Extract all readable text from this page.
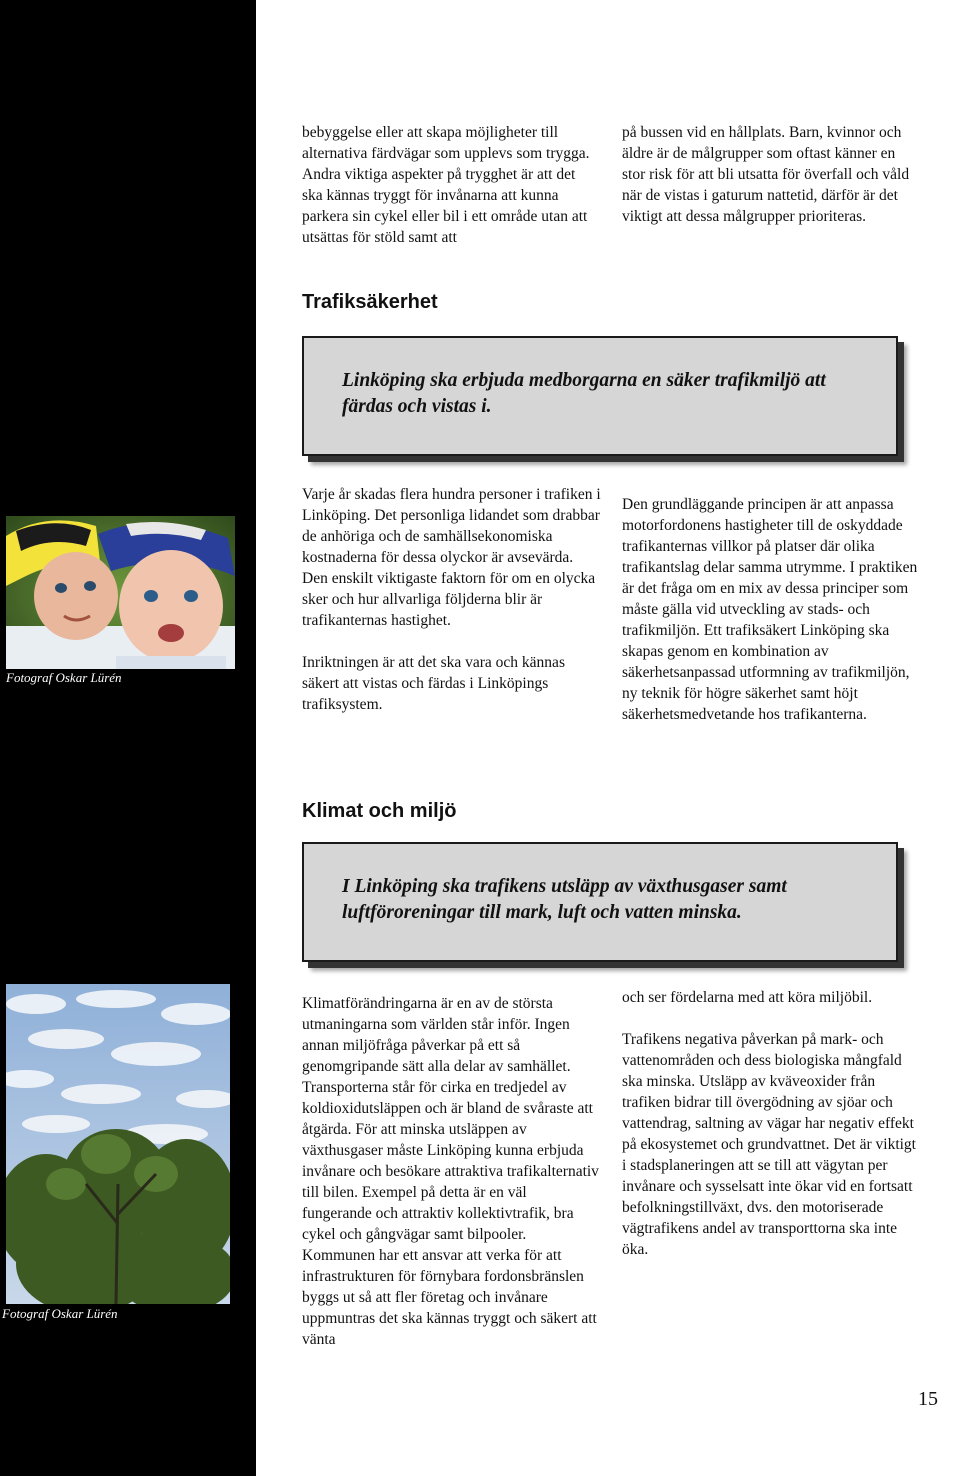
bebyggelse eller att skapa möjligheter till alternativa färdvägar som upplevs som trygga. Andra viktiga aspekter på trygghet är att det ska kännas tryggt för invånarna att kunna parkera sin cykel eller bil i ett område utan att utsättas för stöld samt att

på bussen vid en hållplats. Barn, kvinnor och äldre är de målgrupper som oftast känner en stor risk för att bli utsatta för överfall och våld när de vistas i gaturum nattetid, därför är det viktigt att dessa målgrupper prioriteras.

Trafiksäkerhet

Linköping ska erbjuda medborgarna en säker trafikmiljö att färdas och vistas i.

Fotograf Oskar Lürén

Varje år skadas flera hundra personer i trafiken i Linköping. Det personliga lidandet som drabbar de anhöriga och de samhällsekonomiska kostnaderna för dessa olyckor är avsevärda. Den enskilt viktigaste faktorn för om en olycka sker och hur allvarliga följderna blir är trafikanternas hastighet.

Inriktningen är att det ska vara och kännas säkert att vistas och färdas i Linköpings trafiksystem.

Den grundläggande principen är att anpassa motorfordonens hastigheter till de oskyddade trafikanternas villkor på platser där olika trafikantslag delar samma utrymme. I praktiken är det fråga om en mix av dessa principer som måste gälla vid utveckling av stads- och trafikmiljön. Ett trafiksäkert Linköping ska skapas genom en kombination av säkerhetsanpassad utformning av trafikmiljön, ny teknik för högre säkerhet samt höjt säkerhetsmedvetande hos trafikanterna.

Klimat och miljö

I Linköping ska trafikens utsläpp av växthusgaser samt luftföroreningar till mark, luft och vatten minska.

Fotograf Oskar Lürén

Klimatförändringarna är en av de största utmaningarna som världen står inför. Ingen annan miljöfråga påverkar på ett så genomgripande sätt alla delar av samhället. Transporterna står för cirka en tredjedel av koldioxidutsläppen och är bland de svåraste att åtgärda. För att minska utsläppen av växthusgaser måste Linköping kunna erbjuda invånare och besökare attraktiva trafikalternativ till bilen. Exempel på detta är en väl fungerande och attraktiv kollektivtrafik, bra cykel och gångvägar samt bilpooler. Kommunen har ett ansvar att verka för att infrastrukturen för förnybara fordonsbränslen byggs ut så att fler företag och invånare uppmuntras det ska kännas tryggt och säkert att vänta

och ser fördelarna med att köra miljöbil.

Trafikens negativa påverkan på mark- och vattenområden och dess biologiska mångfald ska minska. Utsläpp av kväveoxider från trafiken bidrar till övergödning av sjöar och vattendrag, saltning av vägar har negativ effekt på ekosystemet och grundvattnet. Det är viktigt i stadsplaneringen att se till att vägytan per invånare och sysselsatt inte ökar vid en fortsatt befolkningstillväxt, dvs. den motoriserade vägtrafikens andel av transporttorna ska inte öka.

15
